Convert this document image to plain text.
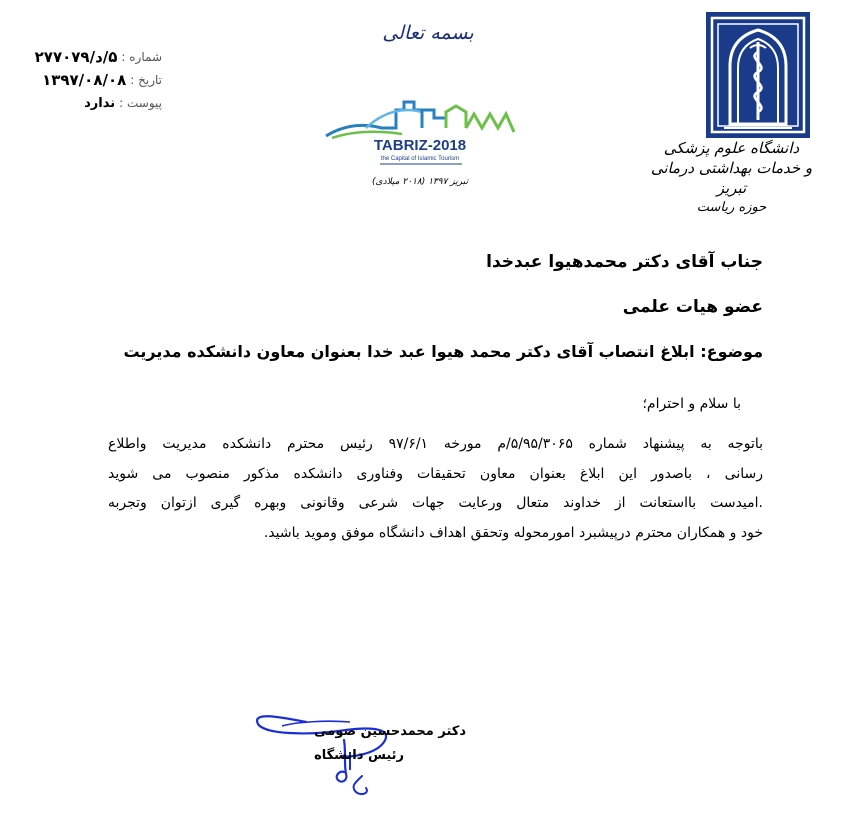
دانشگاه علوم پزشکی
و خدمات بهداشتی درمانی تبریز
حوزه ریاست
بسمه تعالی
TABRIZ-2018
the Capital of Islamic Tourism
تبریز ۱۳۹۷ (۲۰۱۸ میلادی)
شماره :
۵/د/۲۷۷۰۷۹
تاریخ :
۱۳۹۷/۰۸/۰۸
پیوست :
ندارد
جناب آقای دکتر محمدهیوا عبدخدا
عضو هیات علمی
موضوع: ابلاغ انتصاب آقای دکتر محمد هیوا عبد خدا بعنوان معاون دانشکده مدیریت
با سلام و احترام؛
باتوجه به پیشنهاد شماره ۵/۹۵/۳۰۶۵/م مورخه ۹۷/۶/۱ رئیس محترم دانشکده مدیریت واطلاع
رسانی ، باصدور این ابلاغ بعنوان معاون تحقیقات وفناوری دانشکده مذکور منصوب می شوید
.امیدست بااستعانت از خداوند متعال ورعایت جهات شرعی وقانونی وبهره گیری ازتوان وتجربه
خود و همکاران محترم درپیشبرد امورمحوله وتحقق اهداف دانشگاه موفق وموید باشید.
دکتر محمدحسین صومی
رئیس دانشگاه
